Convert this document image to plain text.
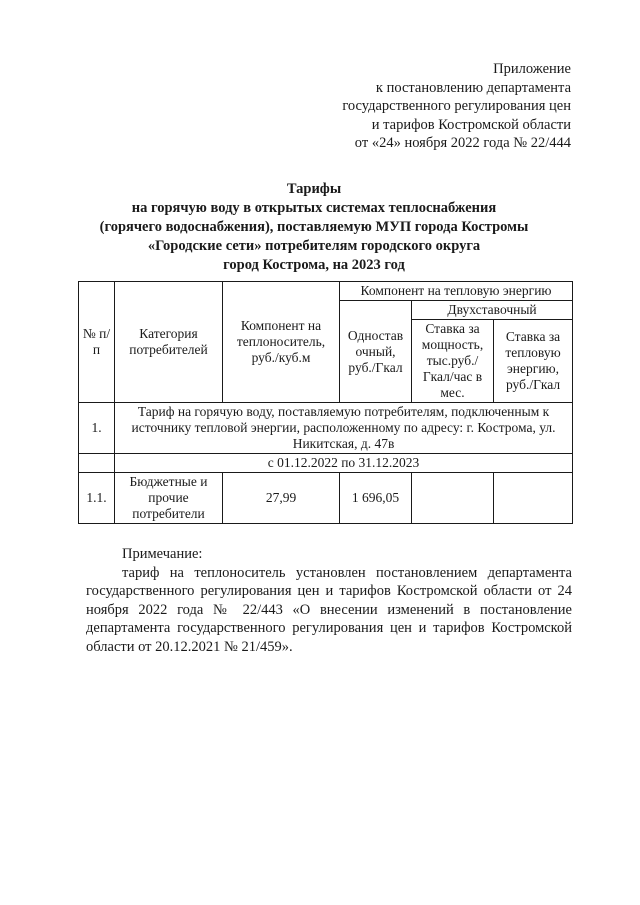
Приложение
к постановлению департамента
государственного регулирования цен
и тарифов Костромской области
от «24» ноября 2022 года № 22/444
Тарифы
на горячую воду в открытых системах теплоснабжения
(горячего водоснабжения), поставляемую МУП города Костромы
«Городские сети» потребителям городского округа
город Кострома, на 2023 год
№ п/п	Категория потребителей	Компонент на теплоноситель, руб./куб.м	Компонент на тепловую энергию		
			Одностав очный, руб./Гкал	Двухставочный	
				Ставка за мощность, тыс.руб./ Гкал/час в мес.	Ставка за тепловую энергию, руб./Гкал
1.	Тариф на горячую воду, поставляемую потребителям, подключенным к источнику тепловой энергии, расположенному по адресу: г. Кострома, ул. Никитская, д. 47в				
	с 01.12.2022 по 31.12.2023				
1.1.	Бюджетные и прочие потребители	27,99	1 696,05		
Примечание:
тариф на теплоноситель установлен постановлением департамента государственного регулирования цен и тарифов Костромской области от 24 ноября 2022 года № 22/443 «О внесении изменений в постановление департамента государственного регулирования цен и тарифов Костромской области от 20.12.2021 № 21/459».
